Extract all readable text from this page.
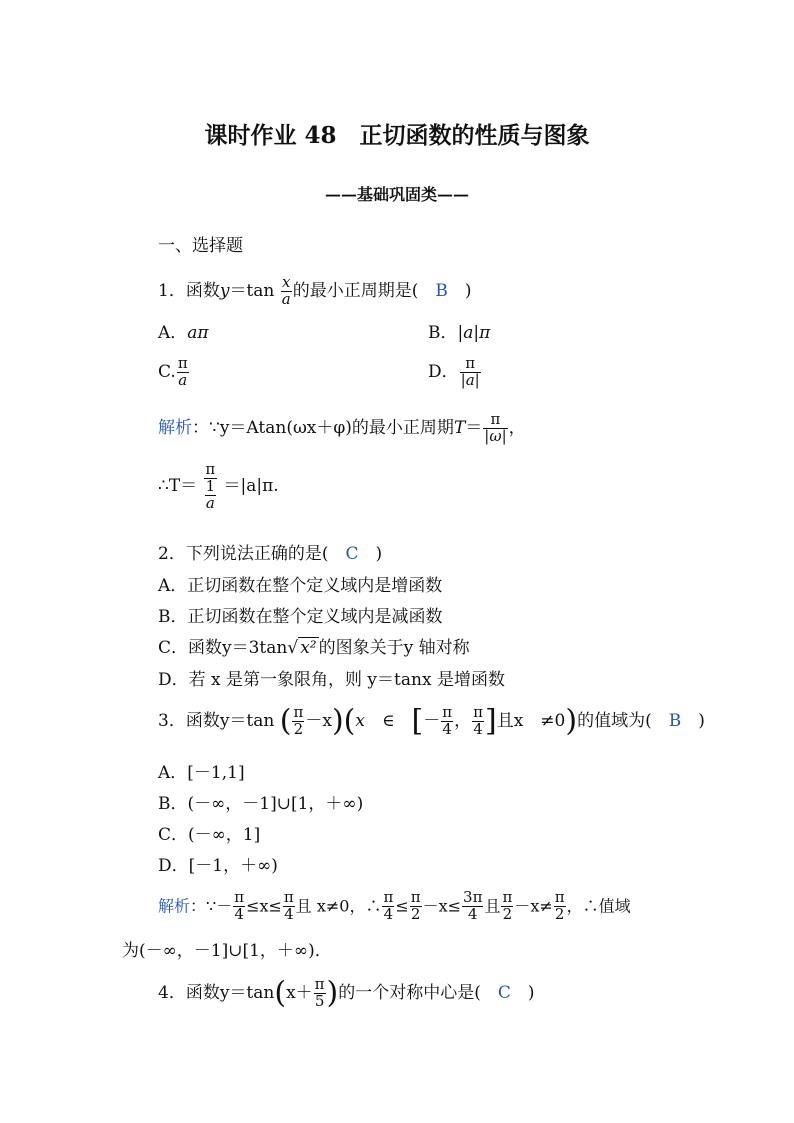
课时作业 48　正切函数的性质与图象
——基础巩固类——
一、选择题
1．函数$y=\tan \frac{x}{a}$ 的最小正周期是(　 B　 )
A．aπ	B．|a|π
C. $\frac{\pi}{a}$	D． $\frac{\pi}{|a|}$
解析：∵y＝Atan(ωx＋φ)的最小正周期$T= \frac{\pi}{|\omega|}$ ，
∴T＝ $\frac{\pi}{\frac{1}{a}} =|a|\pi$.
2．下列说法正确的是(　 C　 )
A．正切函数在整个定义域内是增函数
B．正切函数在整个定义域内是减函数
C．函数y＝3tan√ x² 的图象关于y 轴对称
D．若 x 是第一象限角，则 y＝tanx 是增函数
3．函数y＝tan ( $\frac{\pi}{2} -x)(x$　∈　 [－ $\frac{\pi}{4}$ ， $\frac{\pi}{4}$ ]且x　≠0)的值域为(　 B　 )
A．[－1,1]
B．(－∞，－1]∪[1，＋∞)
C．(－∞，1]
D．[－1，＋∞)
解析：∵－ $\frac{\pi}{4} \le x\le \frac{\pi}{4}$ 且 x≠0，∴ $\frac{\pi}{4} \le \frac{\pi}{2} -x\le \frac{3\pi}{4}$ 且 $\frac{\pi}{2} -x\ne \frac{\pi}{2}$ ，∴值域
为(－∞，－1]∪[1，＋∞)．
4．函数$y=\tan(x+ \frac{\pi}{5}$ )的一个对称中心是(　 C　 )
